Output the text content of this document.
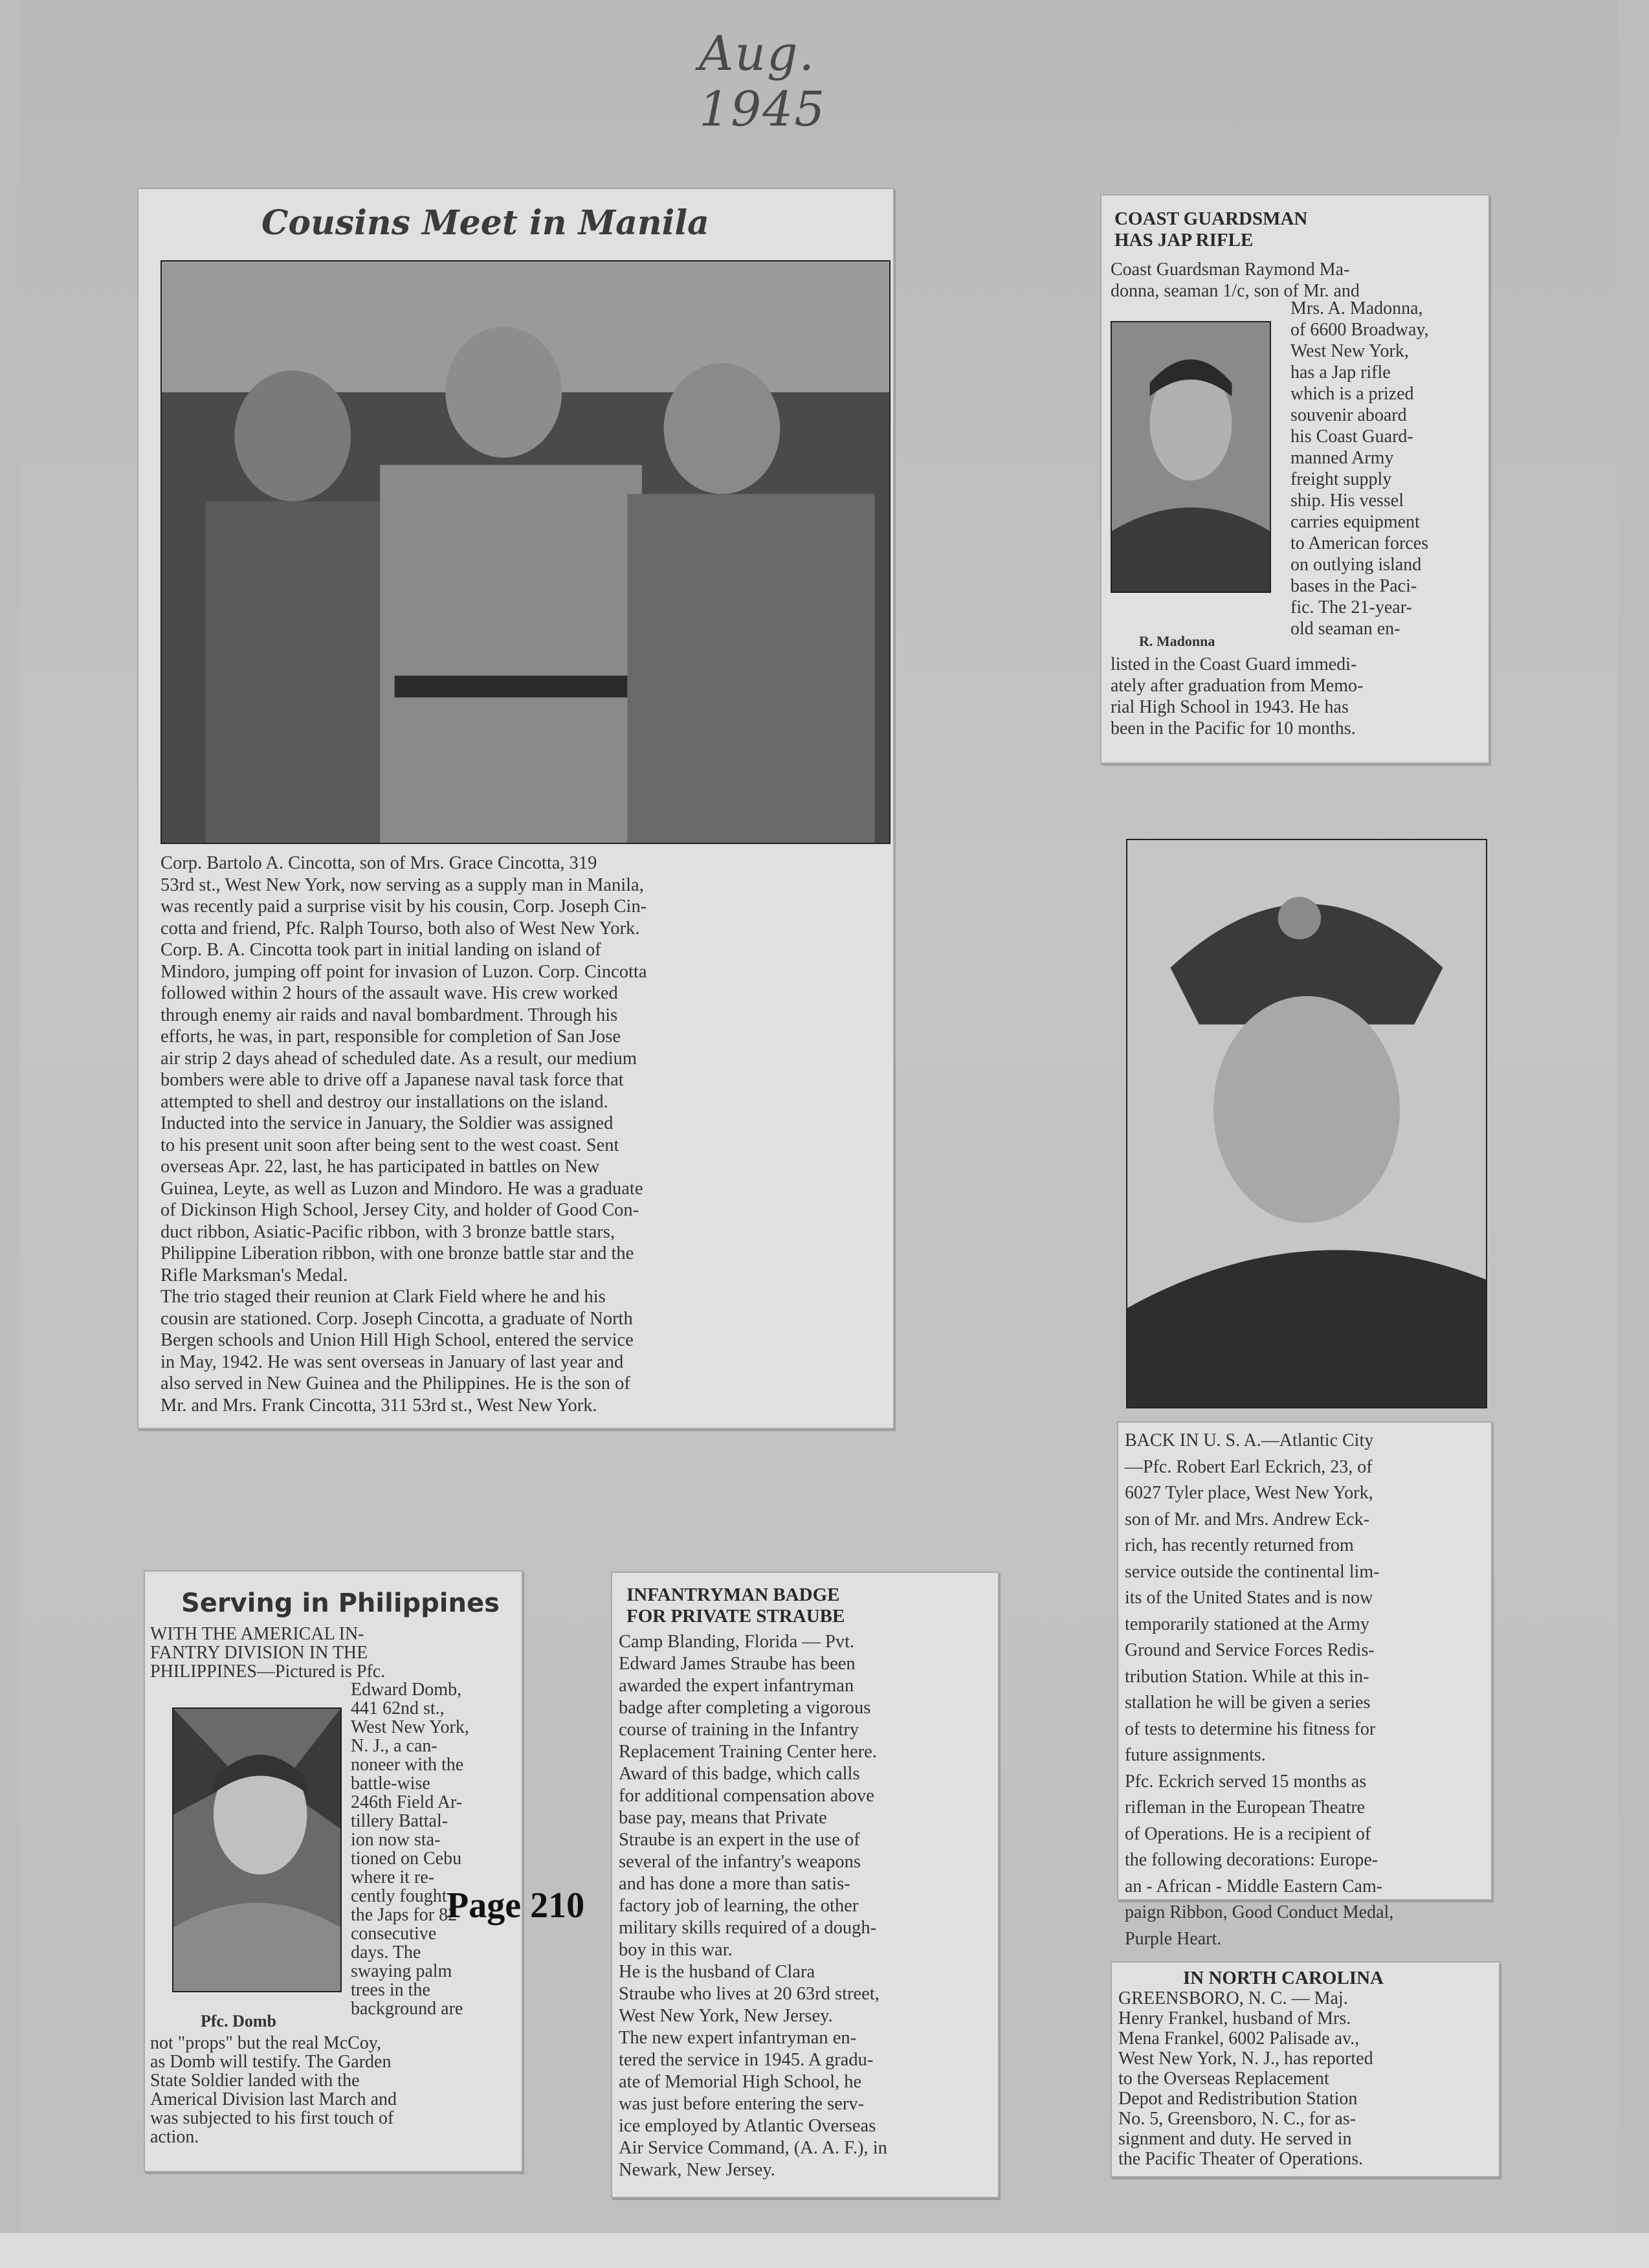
Aug. 1945
Cousins Meet in Manila
Corp. Bartolo A. Cincotta, son of Mrs. Grace Cincotta, 319
53rd st., West New York, now serving as a supply man in Manila,
was recently paid a surprise visit by his cousin, Corp. Joseph Cin-
cotta and friend, Pfc. Ralph Tourso, both also of West New York.
Corp. B. A. Cincotta took part in initial landing on island of
Mindoro, jumping off point for invasion of Luzon. Corp. Cincotta
followed within 2 hours of the assault wave. His crew worked
through enemy air raids and naval bombardment. Through his
efforts, he was, in part, responsible for completion of San Jose
air strip 2 days ahead of scheduled date. As a result, our medium
bombers were able to drive off a Japanese naval task force that
attempted to shell and destroy our installations on the island.
Inducted into the service in January, the Soldier was assigned
to his present unit soon after being sent to the west coast. Sent
overseas Apr. 22, last, he has participated in battles on New
Guinea, Leyte, as well as Luzon and Mindoro. He was a graduate
of Dickinson High School, Jersey City, and holder of Good Con-
duct ribbon, Asiatic-Pacific ribbon, with 3 bronze battle stars,
Philippine Liberation ribbon, with one bronze battle star and the
Rifle Marksman's Medal.
The trio staged their reunion at Clark Field where he and his
cousin are stationed. Corp. Joseph Cincotta, a graduate of North
Bergen schools and Union Hill High School, entered the service
in May, 1942. He was sent overseas in January of last year and
also served in New Guinea and the Philippines. He is the son of
Mr. and Mrs. Frank Cincotta, 311 53rd st., West New York.
COAST GUARDSMAN
HAS JAP RIFLE
Coast Guardsman Raymond Ma-
donna, seaman 1/c, son of Mr. and
R. Madonna
Mrs. A. Madonna,
of 6600 Broadway,
West New York,
has a Jap rifle
which is a prized
souvenir aboard
his Coast Guard-
manned Army
freight supply
ship. His vessel
carries equipment
to American forces
on outlying island
bases in the Paci-
fic. The 21-year-
old seaman en-
listed in the Coast Guard immedi-
ately after graduation from Memo-
rial High School in 1943. He has
been in the Pacific for 10 months.
BACK IN U. S. A.—Atlantic City
—Pfc. Robert Earl Eckrich, 23, of
6027 Tyler place, West New York,
son of Mr. and Mrs. Andrew Eck-
rich, has recently returned from
service outside the continental lim-
its of the United States and is now
temporarily stationed at the Army
Ground and Service Forces Redis-
tribution Station. While at this in-
stallation he will be given a series
of tests to determine his fitness for
future assignments.
Pfc. Eckrich served 15 months as
rifleman in the European Theatre
of Operations. He is a recipient of
the following decorations: Europe-
an - African - Middle Eastern Cam-
paign Ribbon, Good Conduct Medal,
Purple Heart.
Serving in Philippines
WITH THE AMERICAL IN-
FANTRY DIVISION IN THE
PHILIPPINES—Pictured is Pfc.
Pfc. Domb
Edward Domb,
441 62nd st.,
West New York,
N. J., a can-
noneer with the
battle-wise
246th Field Ar-
tillery Battal-
ion now sta-
tioned on Cebu
where it re-
cently fought
the Japs for 82
consecutive
days. The
swaying palm
trees in the
background are
not "props" but the real McCoy,
as Domb will testify. The Garden
State Soldier landed with the
Americal Division last March and
was subjected to his first touch of
action.
INFANTRYMAN BADGE
FOR PRIVATE STRAUBE
Camp Blanding, Florida — Pvt.
Edward James Straube has been
awarded the expert infantryman
badge after completing a vigorous
course of training in the Infantry
Replacement Training Center here.
Award of this badge, which calls
for additional compensation above
base pay, means that Private
Straube is an expert in the use of
several of the infantry's weapons
and has done a more than satis-
factory job of learning, the other
military skills required of a dough-
boy in this war.
He is the husband of Clara
Straube who lives at 20 63rd street,
West New York, New Jersey.
The new expert infantryman en-
tered the service in 1945. A gradu-
ate of Memorial High School, he
was just before entering the serv-
ice employed by Atlantic Overseas
Air Service Command, (A. A. F.), in
Newark, New Jersey.
IN NORTH CAROLINA
GREENSBORO, N. C. — Maj.
Henry Frankel, husband of Mrs.
Mena Frankel, 6002 Palisade av.,
West New York, N. J., has reported
to the Overseas Replacement
Depot and Redistribution Station
No. 5, Greensboro, N. C., for as-
signment and duty. He served in
the Pacific Theater of Operations.
Page 210
